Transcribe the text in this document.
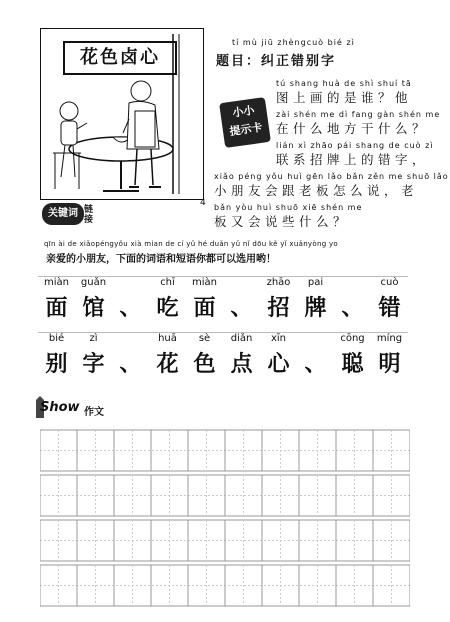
花色卤心
4
tí mù jiū zhèngcuò bié zì
题目：纠正错别字
小小
提示卡
tú shang huà de shì shuí tā
图上画的是谁？他
zài shén me dì fang gàn shén me
在什么地方干什么？
lián xì zhāo pái shang de cuò zì
联系招牌上的错字，
xiǎo péng yǒu huì gēn lǎo bǎn zěn me shuō lǎo
小朋友会跟老板怎么说，老
bǎn yòu huì shuō xiē shén me
板又会说些什么？
关键词 链
接
qīn ài de xiǎopéngyǒu xià mian de cí yǔ hé duǎn yǔ nǐ dōu kě yǐ xuǎnyòng yo
亲爱的小朋友，下面的词语和短语你都可以选用哟！
miàn
面
guǎn
馆 、
chī
吃
miàn
面 、
zhāo
招
pai
牌 、
cuò
错
bié
别
zì
字 、
huā
花
sè
色
diǎn
点
xīn
心 、
cōng
聪
míng
明
Show 作文
